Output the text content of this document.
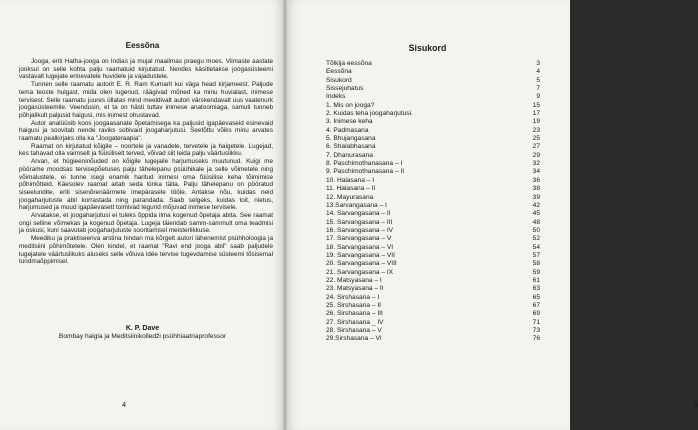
Eessõna

Jooga, eriti Hatha-jooga on Indias ja mujal maailmas praegu moes. Viimaste aastate jooksul on selle kohta palju raamatuid kirjutatud. Nendes käsitletakse joogasüsteemi vastavalt lugejate erinevatele huvidele ja vajadustele.

Tunnen selle raamatu autorit E. R. Ram Kumarit kui väga head kirjameest. Paljude tema teoste hulgast, mida olen lugenud, räägivad mõned ka minu huvialast, inimese tervisest. Selle raamatu juures üllatas mind meeldivalt autori värskendavalt uus vaatenurk joogasüsteemile. Veendusin, et ta on hästi tuttav inimese anatoomiaga, samuti tunneb põhjalikult paljusid haigusi, mis inimest ohustavad.

Autor analüüsib koos joogaasanate õpetamisega ka paljusid igapäevaseid esinevaid haigusi ja soovitab nende raviks sobivaid joogaharjutusi. Seetõttu võiks minu arvates raamatu pealkirjaks olla ka "Joogateraapia".

Raamat on kirjutatud kõigile – noortele ja vanadele, tervetele ja haigetele. Lugejad, kes tahavad olla vaimselt ja füüsiliselt terved, võivad siit leida palju väärtuslikku.

Arvan, et hügieeninõuded on kõigile lugejaile harjumuseks muutunud. Kuigi me pöörame moodsas tervisepõetuses palju tähelepanu psüühikale ja selle võimetele ning võimalustele, ei tunne isegi enamik haritud inimesi oma füüsilise keha tõimimise põhimõtteid. Käesolev raamat aitab seda lünka täita. Palju tähelepanu on pööratud siseelundite, eriti sisenõrenäärmete imepärasele tööle. Antakse nõu, kuidas neid joogaharjutuste abil korrastada ning parandada. Saab selgeks, kuidas toit, nietus, harjumused ja muud igapäevasett toimivad tegurid mõjuvad inimese tervisele.

Arvatakse, et joogaharjutusi ei tuleks õppida ilma kogenud õpetaja abita. See raamat ongi selline võimekas ja kogenud õpetaja. Lugeja täiendab samm-sammult oma teadmisi ja oskusi, kuni saavutab joogaharjutuste sooritamisel meisterlikkuse.

Meediku ja praktiseeriva arstina hindan ma kõrgelt autori lähenemist psühholoogia ja meditsiini põhimõtetele. Olen kindel, et raamat "Ravi end jooga abil" saab paljudele lugejatele väärtuslikuks aluseks selle võluva idée tervise tugevdamise süsteemi tõsisemal tundmaõppimisel.

K. P. Dave
Bombay haigla ja Meditsiinikolledži psühhiaatriaprofessor
4
Sisukord
Tõlkija eessõna	3
Eessõna	4
Sisukord	5
Sissejuhatus	7
Indeks	9
1. Mis on jooga?	15
2. Kuidas teha joogaharjutusi.	17
3. Inimese keha	19
4. Padmasana	23
5. Bhujangasana	25
6. Shalabhasana	27
7. Dhanurasana	29
8. Paschimothanasana – I	32
9. Paschimothanasana – II	34
10. Halasana – I	36
11. Halasana – II	38
12. Mayurasana	39
13.Sarvangasana – I	42
14. Sarvangasana – II	45
15. Sarvangasana – III	48
16. Sarvangasana – IV	50
17. Sarvangasana – V	52
18. Sarvangasana – VI	54
19. Sarvangasana – VII	57
20. Sarvangasana – VIII	58
21. Sarvangasana – IX	59
22. Matsyasana – I	61
23. Matsyasana – II	63
24. Sirshasana – I	65
25. Sirshasana – II	67
26. Sirshasana – III	69
27. Sirshasana _ IV	71
28. Sirshasana – V	73
29.Sirshasana – VI	76
5
